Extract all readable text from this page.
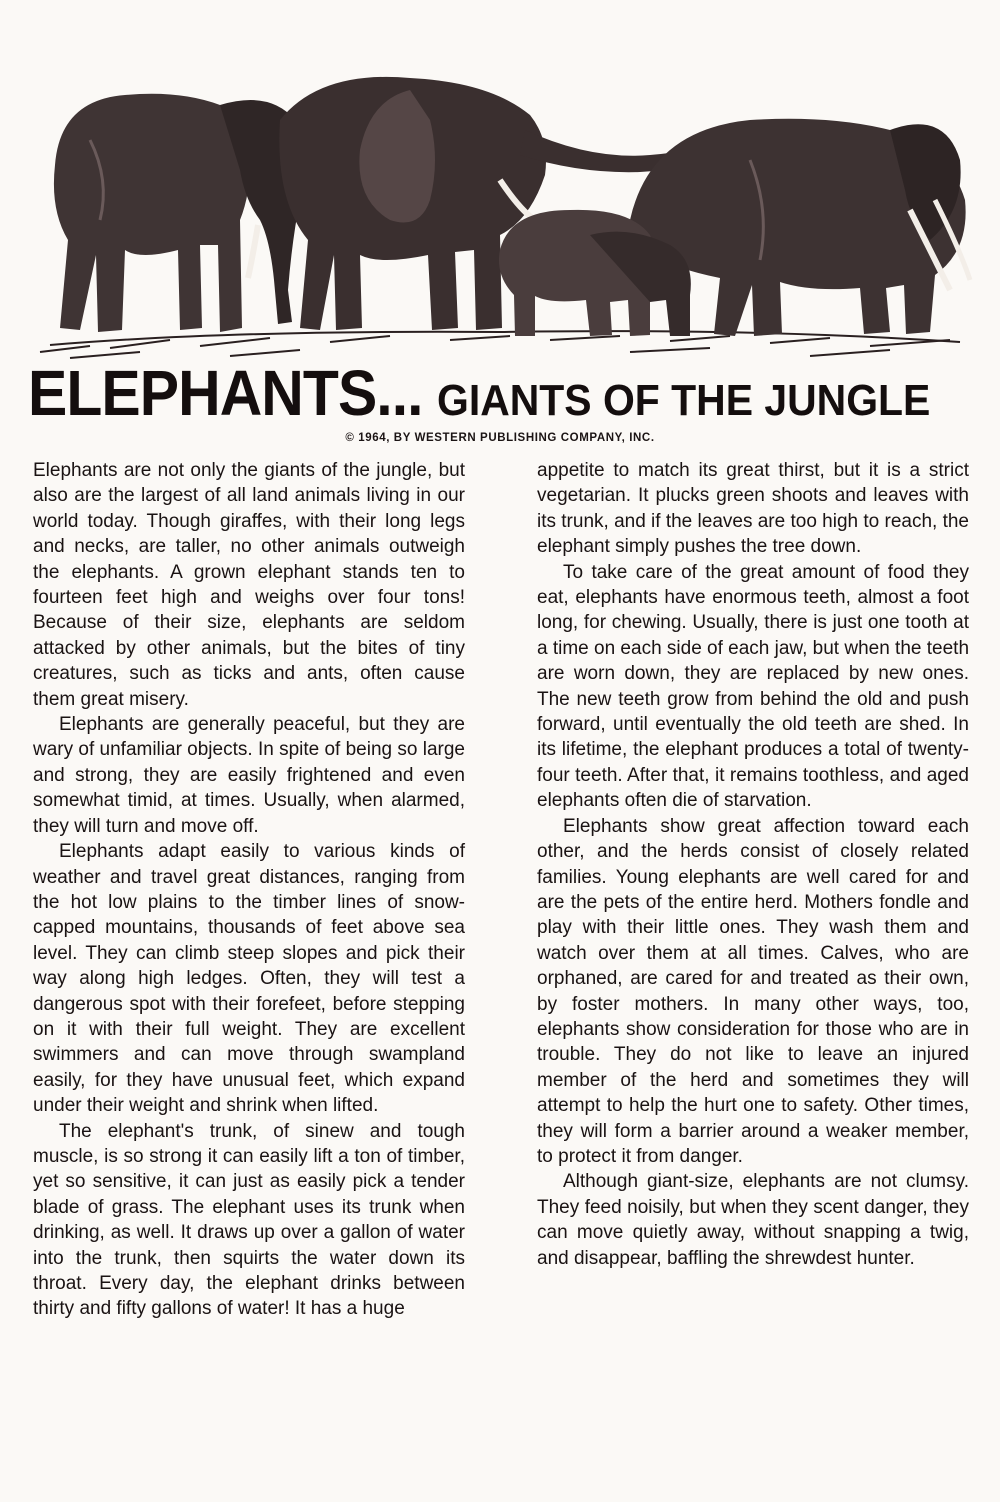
ELEPHANTS... GIANTS OF THE JUNGLE
© 1964, BY WESTERN PUBLISHING COMPANY, INC.

Elephants are not only the giants of the jungle, but also are the largest of all land animals living in our world today. Though giraffes, with their long legs and necks, are taller, no other animals outweigh the elephants. A grown elephant stands ten to fourteen feet high and weighs over four tons! Because of their size, elephants are seldom attacked by other animals, but the bites of tiny creatures, such as ticks and ants, often cause them great misery.

Elephants are generally peaceful, but they are wary of unfamiliar objects. In spite of being so large and strong, they are easily frightened and even somewhat timid, at times. Usually, when alarmed, they will turn and move off.

Elephants adapt easily to various kinds of weather and travel great distances, ranging from the hot low plains to the timber lines of snow-capped mountains, thousands of feet above sea level. They can climb steep slopes and pick their way along high ledges. Often, they will test a dangerous spot with their forefeet, before stepping on it with their full weight. They are excellent swimmers and can move through swampland easily, for they have unusual feet, which expand under their weight and shrink when lifted.

The elephant's trunk, of sinew and tough muscle, is so strong it can easily lift a ton of timber, yet so sensitive, it can just as easily pick a tender blade of grass. The elephant uses its trunk when drinking, as well. It draws up over a gallon of water into the trunk, then squirts the water down its throat. Every day, the elephant drinks between thirty and fifty gallons of water! It has a huge

appetite to match its great thirst, but it is a strict vegetarian. It plucks green shoots and leaves with its trunk, and if the leaves are too high to reach, the elephant simply pushes the tree down.

To take care of the great amount of food they eat, elephants have enormous teeth, almost a foot long, for chewing. Usually, there is just one tooth at a time on each side of each jaw, but when the teeth are worn down, they are replaced by new ones. The new teeth grow from behind the old and push forward, until eventually the old teeth are shed. In its lifetime, the elephant produces a total of twenty-four teeth. After that, it remains toothless, and aged elephants often die of starvation.

Elephants show great affection toward each other, and the herds consist of closely related families. Young elephants are well cared for and are the pets of the entire herd. Mothers fondle and play with their little ones. They wash them and watch over them at all times. Calves, who are orphaned, are cared for and treated as their own, by foster mothers. In many other ways, too, elephants show consideration for those who are in trouble. They do not like to leave an injured member of the herd and sometimes they will attempt to help the hurt one to safety. Other times, they will form a barrier around a weaker member, to protect it from danger.

Although giant-size, elephants are not clumsy. They feed noisily, but when they scent danger, they can move quietly away, without snapping a twig, and disappear, baffling the shrewdest hunter.
